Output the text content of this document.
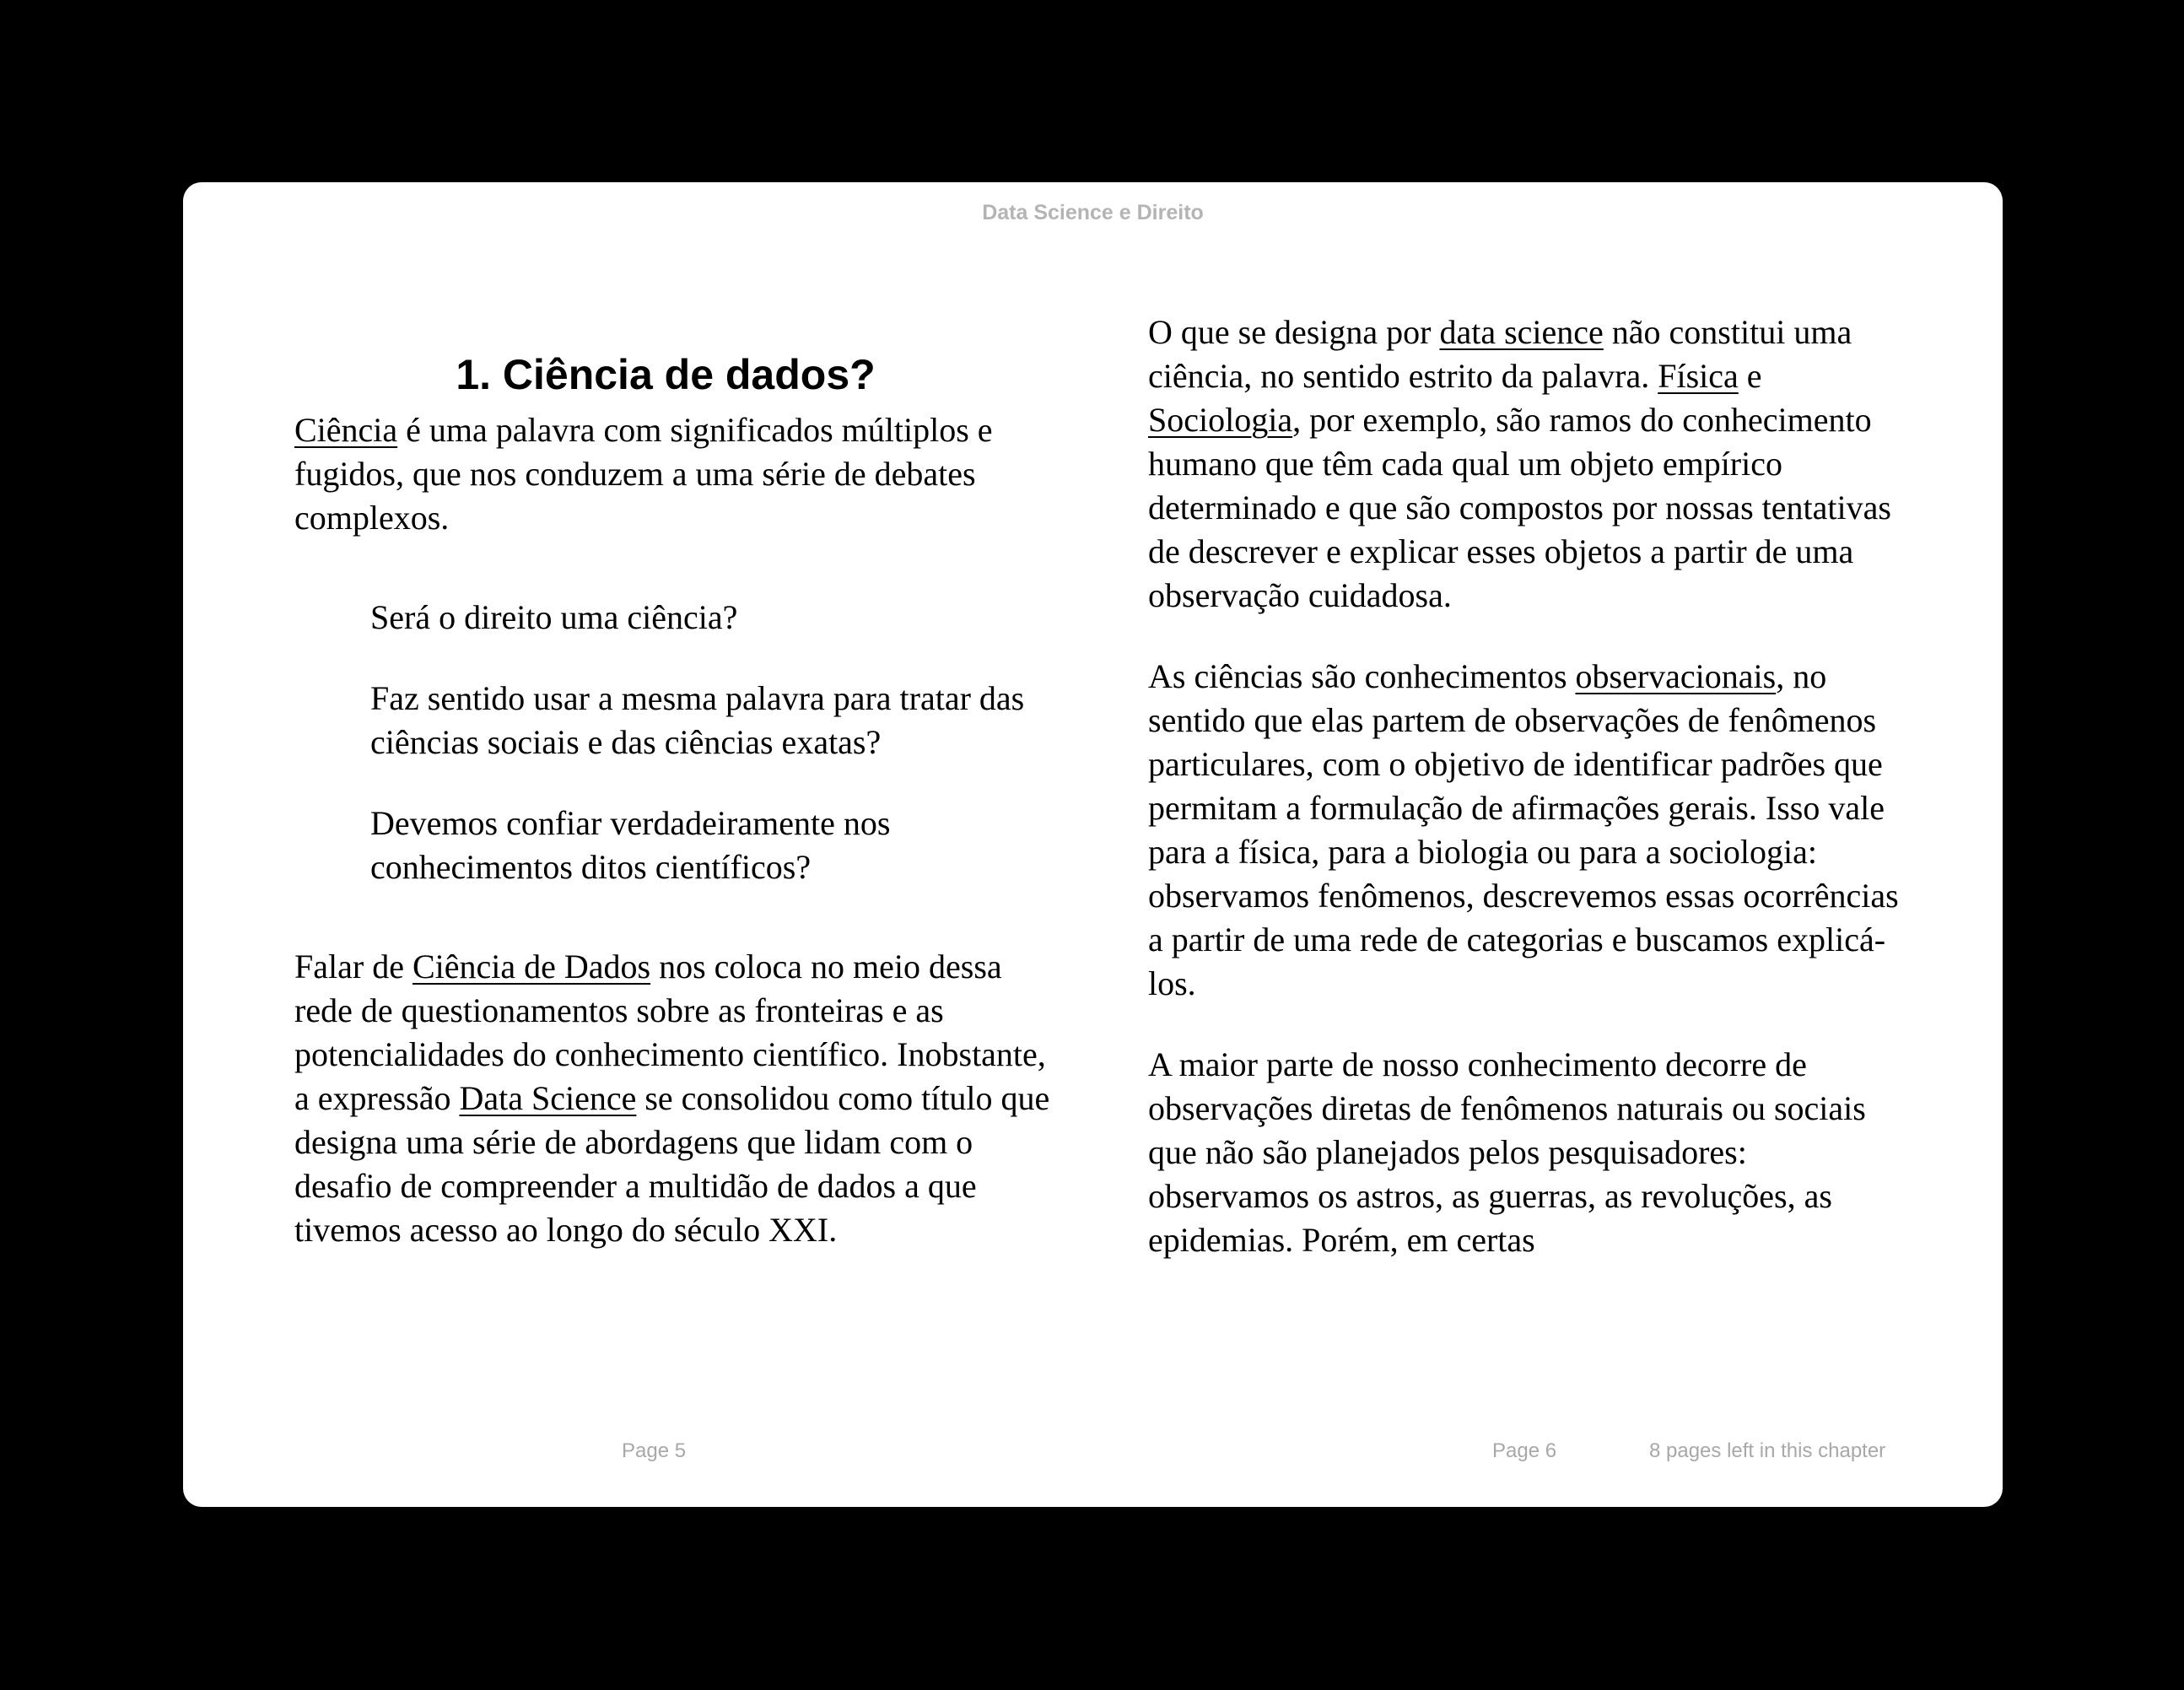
Data Science e Direito
1. Ciência de dados?

Ciência é uma palavra com significados múltiplos e fugidos, que nos conduzem a uma série de debates complexos.

Será o direito uma ciência?

Faz sentido usar a mesma palavra para tratar das ciências sociais e das ciências exatas?

Devemos confiar verdadeiramente nos conhecimentos ditos científicos?

Falar de Ciência de Dados nos coloca no meio dessa rede de questionamentos sobre as fronteiras e as potencialidades do conhecimento científico. Inobstante, a expressão Data Science se consolidou como título que designa uma série de abordagens que lidam com o desafio de compreender a multidão de dados a que tivemos acesso ao longo do século XXI.

O que se designa por data science não constitui uma ciência, no sentido estrito da palavra. Física e Sociologia, por exemplo, são ramos do conhecimento humano que têm cada qual um objeto empírico determinado e que são compostos por nossas tentativas de descrever e explicar esses objetos a partir de uma observação cuidadosa.

As ciências são conhecimentos observacionais, no sentido que elas partem de observações de fenômenos particulares, com o objetivo de identificar padrões que permitam a formulação de afirmações gerais. Isso vale para a física, para a biologia ou para a sociologia: observamos fenômenos, descrevemos essas ocorrências a partir de uma rede de categorias e buscamos explicá-los.

A maior parte de nosso conhecimento decorre de observações diretas de fenômenos naturais ou sociais que não são planejados pelos pesquisadores: observamos os astros, as guerras, as revoluções, as epidemias. Porém, em certas

Page 5	Page 6	8 pages left in this chapter
